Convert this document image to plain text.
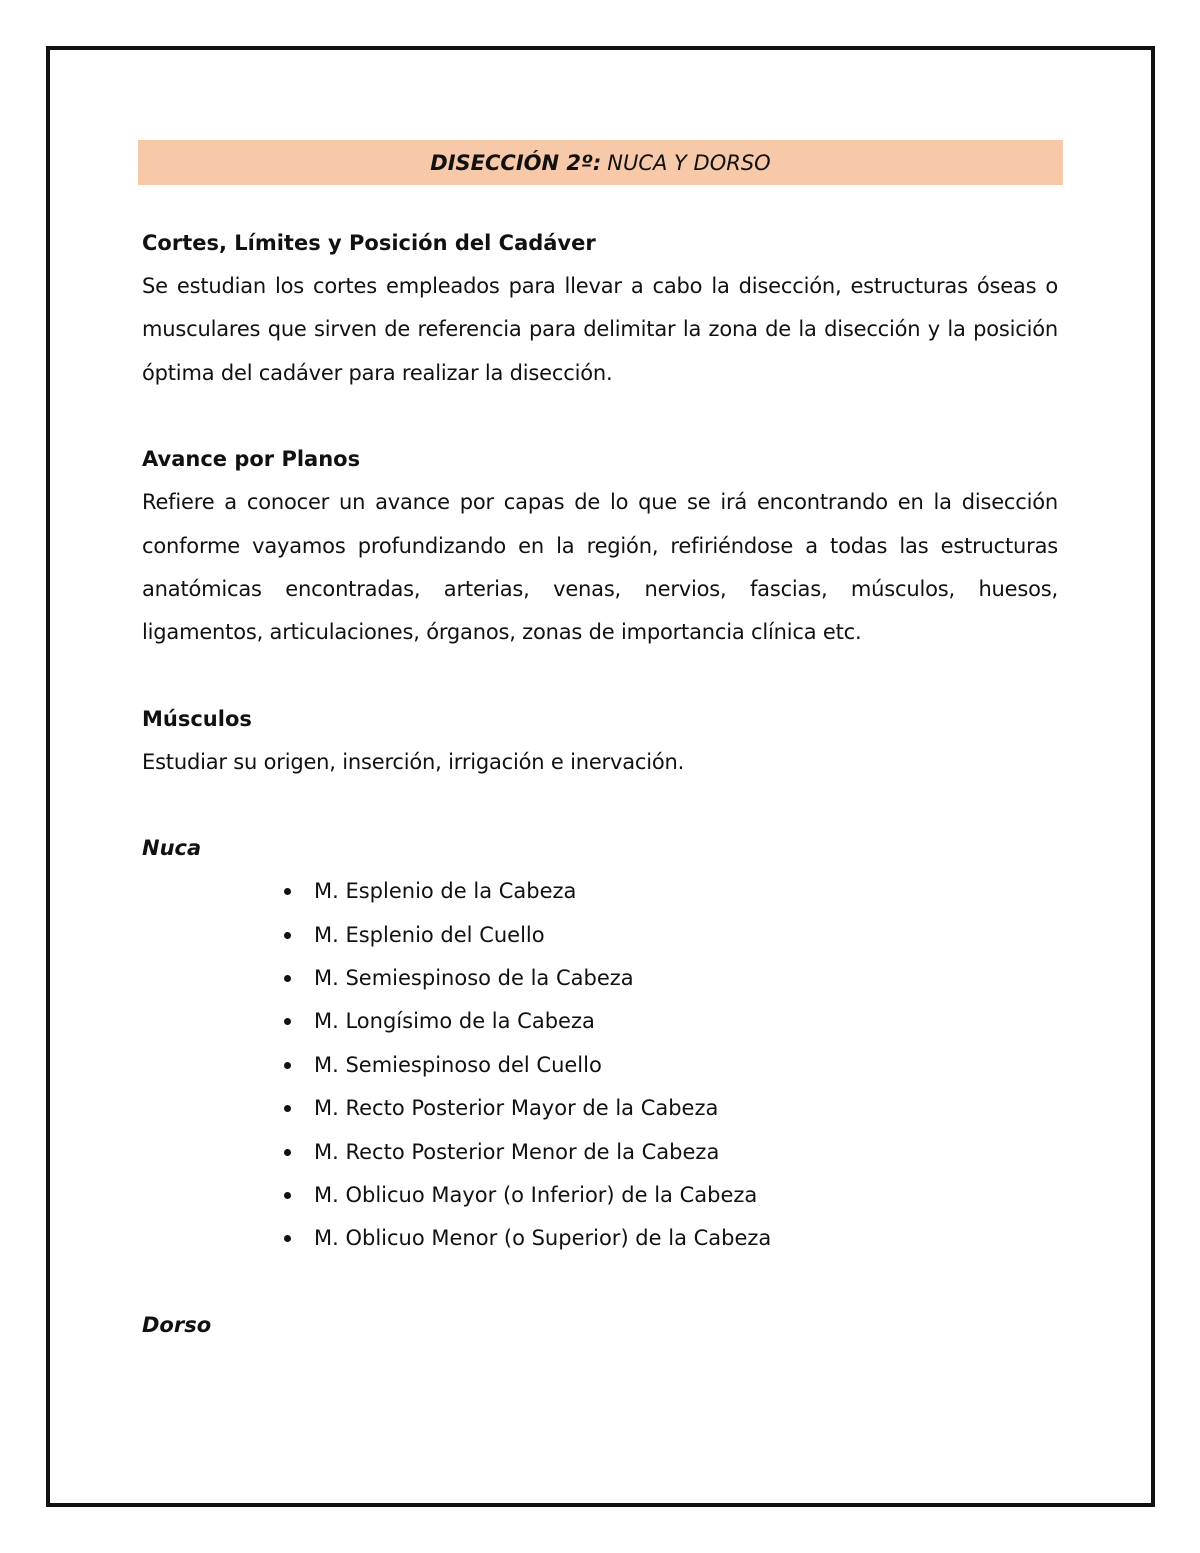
DISECCIÓN 2º: NUCA Y DORSO
Cortes, Límites y Posición del Cadáver

Se estudian los cortes empleados para llevar a cabo la disección, estructuras óseas o musculares que sirven de referencia para delimitar la zona de la disección y la posición óptima del cadáver para realizar la disección.

Avance por Planos

Refiere a conocer un avance por capas de lo que se irá encontrando en la disección conforme vayamos profundizando en la región, refiriéndose a todas las estructuras anatómicas encontradas, arterias, venas, nervios, fascias, músculos, huesos, ligamentos, articulaciones, órganos, zonas de importancia clínica etc.

Músculos

Estudiar su origen, inserción, irrigación e inervación.

Nuca
M. Esplenio de la Cabeza
M. Esplenio del Cuello
M. Semiespinoso de la Cabeza
M. Longísimo de la Cabeza
M. Semiespinoso del Cuello
M. Recto Posterior Mayor de la Cabeza
M. Recto Posterior Menor de la Cabeza
M. Oblicuo Mayor (o Inferior) de la Cabeza
M. Oblicuo Menor (o Superior) de la Cabeza
Dorso
